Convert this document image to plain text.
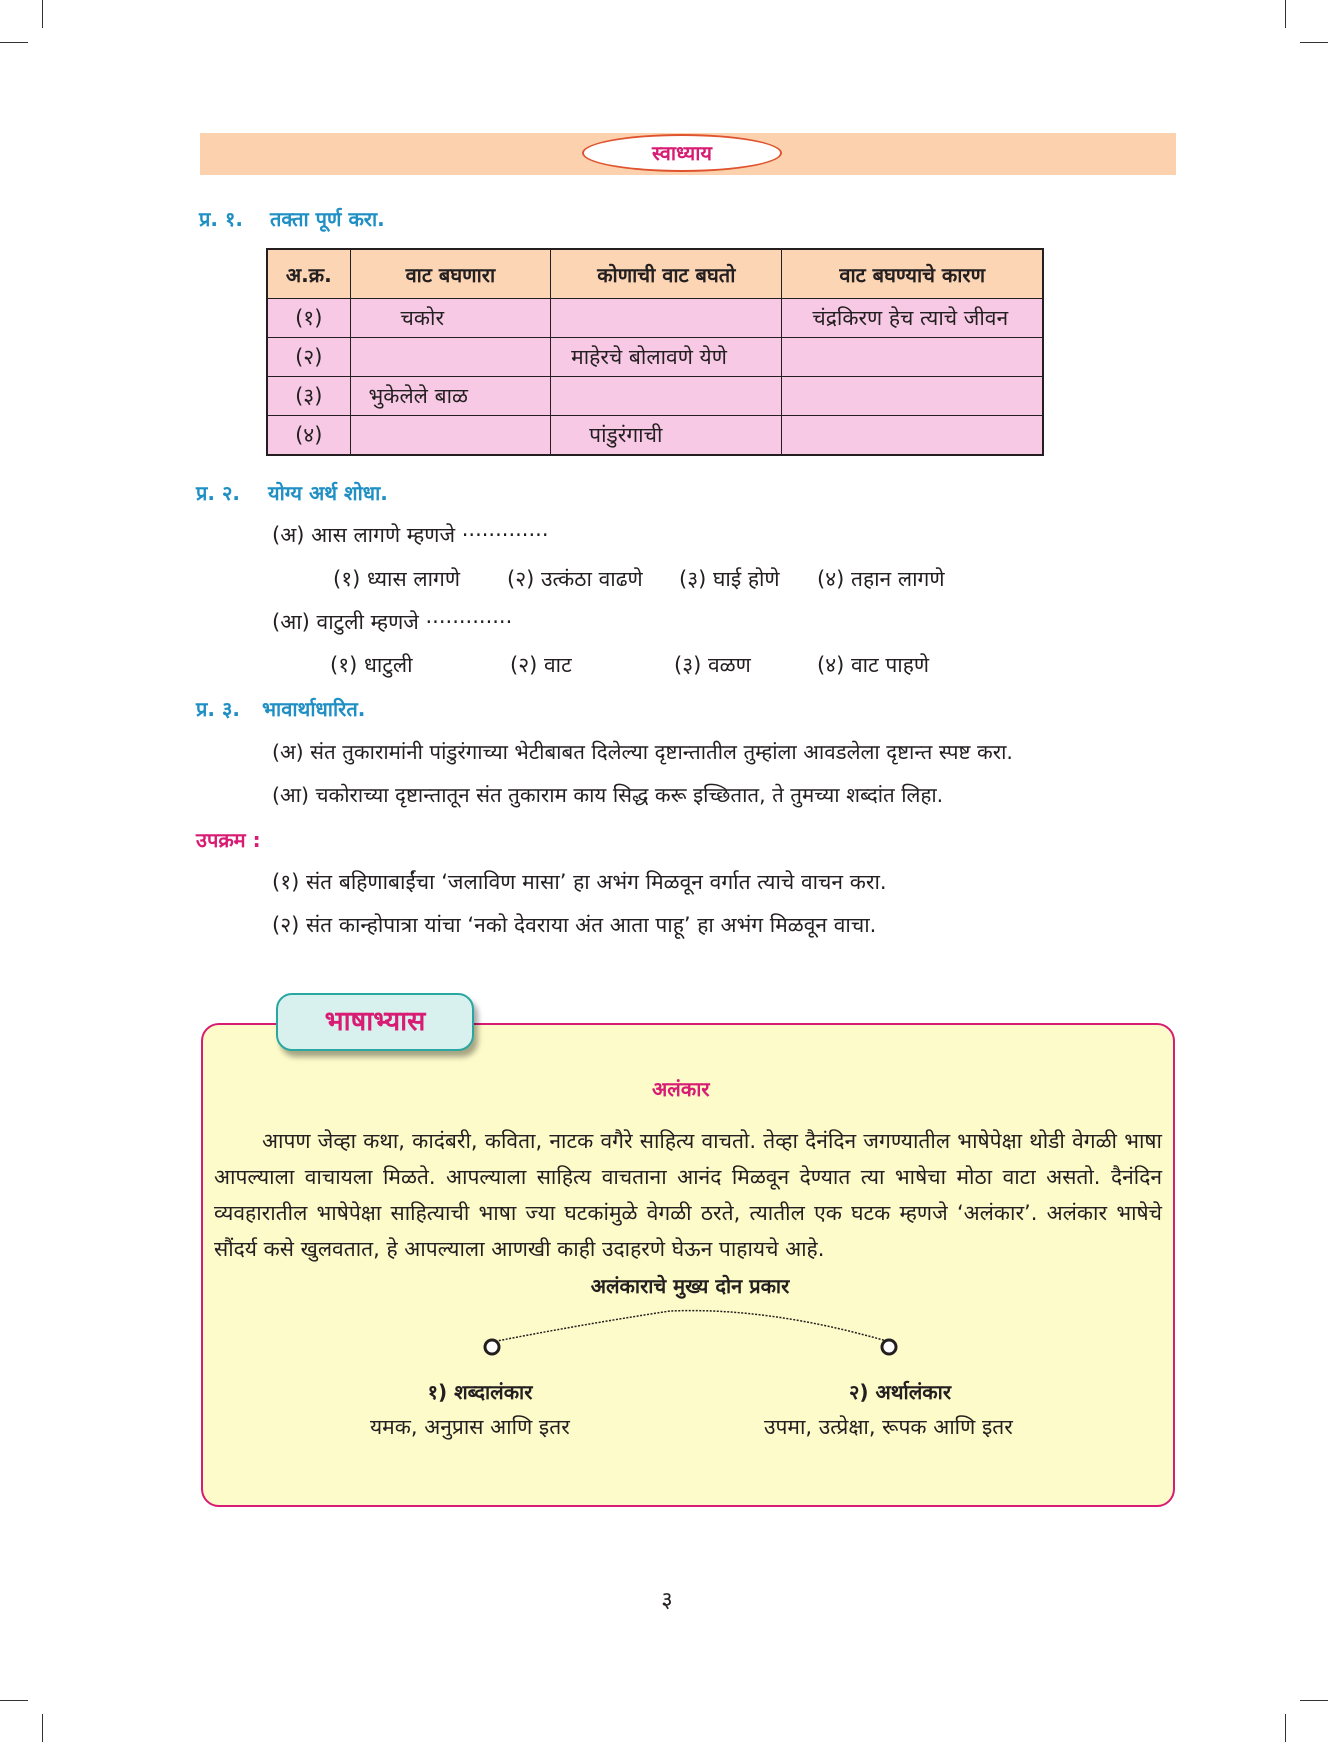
स्वाध्याय
प्र. १. तक्ता पूर्ण करा.
अ.क्र.	वाट बघणारा	कोणाची वाट बघतो	वाट बघण्याचे कारण
(१)	चकोर		चंद्रकिरण हेच त्याचे जीवन
(२)		माहेरचे बोलावणे येणे	
(३)	भुकेलेले बाळ		
(४)		पांडुरंगाची	
प्र. २. योग्य अर्थ शोधा.
(अ) आस लागणे म्हणजे ·············
(१) ध्यास लागणे (२) उत्कंठा वाढणे (३) घाई होणे (४) तहान लागणे
(आ) वाटुली म्हणजे ·············
(१) धाटुली	(२) वाट	(३) वळण	(४) वाट पाहणे
प्र. ३. भावार्थाधारित.
(अ) संत तुकारामांनी पांडुरंगाच्या भेटीबाबत दिलेल्या दृष्टान्तातील तुम्हांला आवडलेला दृष्टान्त स्पष्ट करा.
(आ) चकोराच्या दृष्टान्तातून संत तुकाराम काय सिद्ध करू इच्छितात, ते तुमच्या शब्दांत लिहा.
उपक्रम :
(१) संत बहिणाबाईंचा ‘जलाविण मासा’ हा अभंग मिळवून वर्गात त्याचे वाचन करा.
(२) संत कान्होपात्रा यांचा ‘नको देवराया अंत आता पाहू’ हा अभंग मिळवून वाचा.
भाषाभ्यास
अलंकार

आपण जेव्हा कथा, कादंबरी, कविता, नाटक वगैरे साहित्य वाचतो. तेव्हा दैनंदिन जगण्यातील भाषेपेक्षा थोडी वेगळी भाषा आपल्याला वाचायला मिळते. आपल्याला साहित्य वाचताना आनंद मिळवून देण्यात त्या भाषेचा मोठा वाटा असतो. दैनंदिन व्यवहारातील भाषेपेक्षा साहित्याची भाषा ज्या घटकांमुळे वेगळी ठरते, त्यातील एक घटक म्हणजे ‘अलंकार’. अलंकार भाषेचे सौंदर्य कसे खुलवतात, हे आपल्याला आणखी काही उदाहरणे घेऊन पाहायचे आहे.

अलंकाराचे मुख्य दोन प्रकार
१) शब्दालंकार
यमक, अनुप्रास आणि इतर
२) अर्थालंकार
उपमा, उत्प्रेक्षा, रूपक आणि इतर
३
